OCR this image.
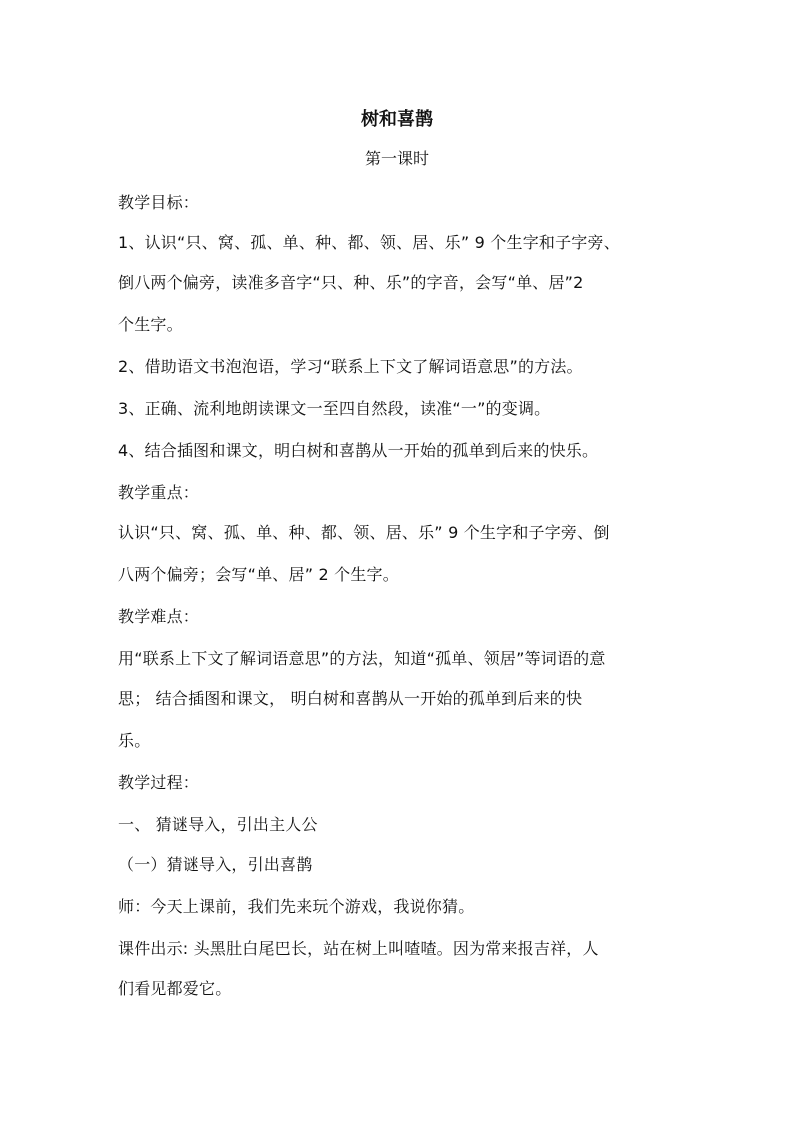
树和喜鹊
第一课时
教学目标：
1、认识“只、窝、孤、单、种、都、领、居、乐” 9 个生字和子字旁、
倒八两个偏旁，读准多音字“只、种、乐”的字音，会写“单、居”2
个生字。
2、借助语文书泡泡语，学习“联系上下文了解词语意思”的方法。
3、正确、流利地朗读课文一至四自然段，读准“一”的变调。
4、结合插图和课文，明白树和喜鹊从一开始的孤单到后来的快乐。
教学重点：
认识“只、窝、孤、单、种、都、领、居、乐” 9 个生字和子字旁、倒
八两个偏旁；会写“单、居” 2 个生字。
教学难点：
用“联系上下文了解词语意思”的方法，知道“孤单、领居”等词语的意
思； 结合插图和课文， 明白树和喜鹊从一开始的孤单到后来的快
乐。
教学过程：
一、 猜谜导入，引出主人公
（一）猜谜导入，引出喜鹊
师：今天上课前，我们先来玩个游戏，我说你猜。
课件出示: 头黑肚白尾巴长，站在树上叫喳喳。因为常来报吉祥，人
们看见都爱它。
